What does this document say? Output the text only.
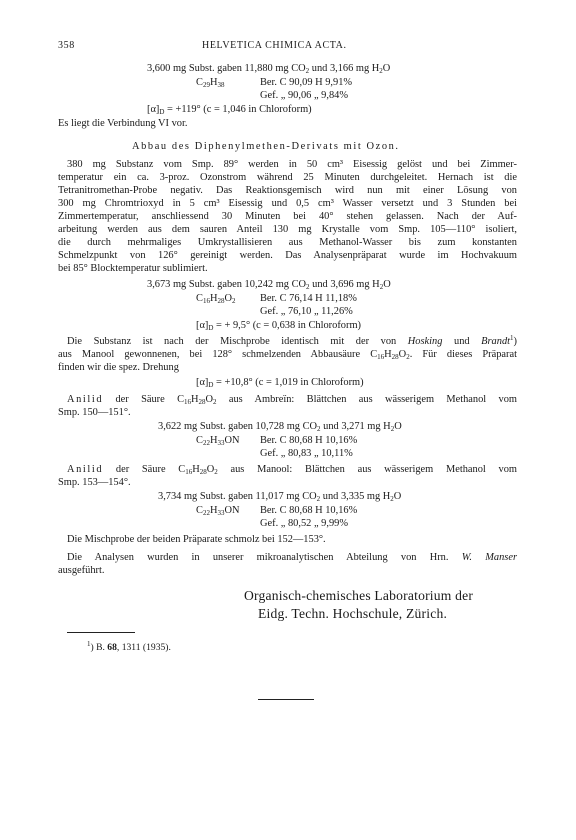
358	HELVETICA CHIMICA ACTA.
3,600 mg Subst. gaben 11,880 mg $CO_2$ und 3,166 mg $H_2O$
$C_{29}H_{38}$	Ber. C 90,09 H 9,91%
Gef. „ 90,06 „ 9,84%
$[\alpha]_D = +119^\circ$ (c = 1,046 in Chloroform)
Es liegt die Verbindung VI vor.
Abbau des Diphenylmethen-Derivats mit Ozon.
380 mg Substanz vom Smp. 89° werden in 50 cm³ Eisessig gelöst und bei Zimmer-
temperatur ein ca. 3-proz. Ozonstrom während 25 Minuten durchgeleitet. Hernach ist die
Tetranitromethan-Probe negativ. Das Reaktionsgemisch wird nun mit einer Lösung von
300 mg Chromtrioxyd in 5 cm³ Eisessig und 0,5 cm³ Wasser versetzt und 3 Stunden bei
Zimmertemperatur, anschliessend 30 Minuten bei 40° stehen gelassen. Nach der Auf-
arbeitung werden aus dem sauren Anteil 130 mg Krystalle vom Smp. 105—110° isoliert,
die durch mehrmaliges Umkrystallisieren aus Methanol-Wasser bis zum konstanten
Schmelzpunkt von 126° gereinigt werden. Das Analysenpräparat wurde im Hochvakuum
bei 85° Blocktemperatur sublimiert.
3,673 mg Subst. gaben 10,242 mg $CO_2$ und 3,696 mg $H_2O$
$C_{16}H_{28}O_2$ Ber. C 76,14 H 11,18%
Gef. „ 76,10 „ 11,26%
$[\alpha]_D$ = + 9,5° (c = 0,638 in Chloroform)
Die Substanz ist nach der Mischprobe identisch mit der von Hosking und Brandt$^1$)
aus Manool gewonnenen, bei 128° schmelzenden Abbausäure $C_{16}H_{28}O_2$. Für dieses Präparat
finden wir die spez. Drehung
$[\alpha]_D = +10,8^\circ$ (c = 1,019 in Chloroform)
Anilid der Säure $C_{16}H_{28}O_2$ aus Ambreïn: Blättchen aus wässerigem Methanol vom
Smp. 150—151°.
3,622 mg Subst. gaben 10,728 mg $CO_2$ und 3,271 mg $H_2O$
$C_{22}H_{33}ON$ Ber. C 80,68 H 10,16%
Gef. „ 80,83 „ 10,11%
Anilid der Säure $C_{16}H_{28}O_2$ aus Manool: Blättchen aus wässerigem Methanol vom
Smp. 153—154°.
3,734 mg Subst. gaben 11,017 mg $CO_2$ und 3,335 mg $H_2O$
$C_{22}H_{33}ON$ Ber. C 80,68 H 10,16%
Gef. „ 80,52 „ 9,99%
Die Mischprobe der beiden Präparate schmolz bei 152—153°.
Die Analysen wurden in unserer mikroanalytischen Abteilung von Hrn. W. Manser
ausgeführt.
Organisch-chemisches Laboratorium der
Eidg. Techn. Hochschule, Zürich.
$^1$) B. 68, 1311 (1935).
